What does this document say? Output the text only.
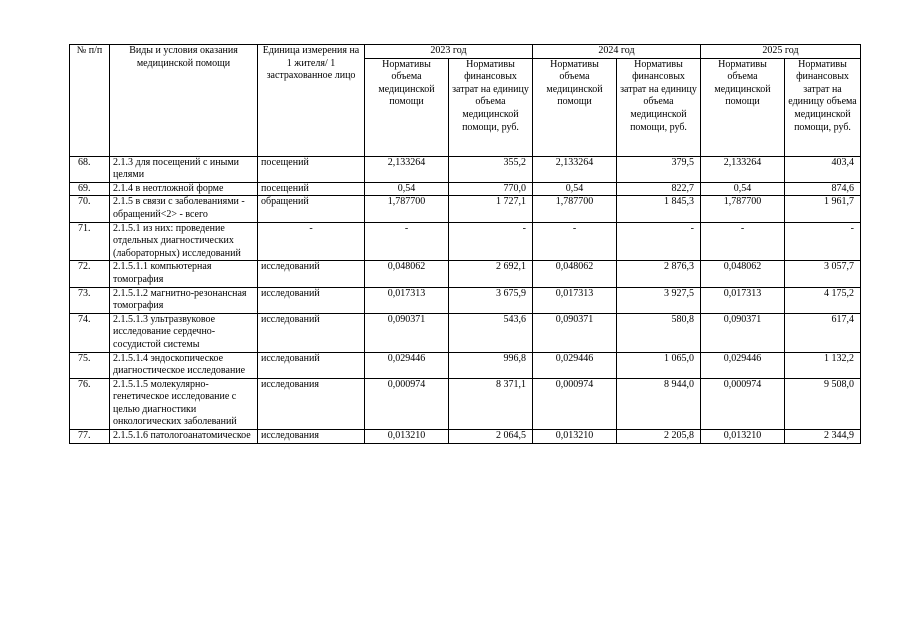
№ п/п	Виды и условия оказания медицинской помощи	Единица измерения на 1 жителя/ 1 застрахованное лицо	2023 год		2024 год		2025 год	
			Нормативы объема медицинской помощи	Нормативы финансовых затрат на единицу объема медицинской помощи, руб.	Нормативы объема медицинской помощи	Нормативы финансовых затрат на единицу объема медицинской помощи, руб.	Нормативы объема медицинской помощи	Нормативы финансовых затрат на единицу объема медицинской помощи, руб.
68.	2.1.3 для посещений с иными целями	посещений	2,133264	355,2	2,133264	379,5	2,133264	403,4
69.	2.1.4 в неотложной форме	посещений	0,54	770,0	0,54	822,7	0,54	874,6
70.	2.1.5 в связи с заболеваниями - обращений<2> - всего	обращений	1,787700	1 727,1	1,787700	1 845,3	1,787700	1 961,7
71.	2.1.5.1 из них: проведение отдельных диагностических (лабораторных) исследований	-	-	-	-	-	-	-
72.	2.1.5.1.1 компьютерная томография	исследований	0,048062	2 692,1	0,048062	2 876,3	0,048062	3 057,7
73.	2.1.5.1.2 магнитно-резонансная томография	исследований	0,017313	3 675,9	0,017313	3 927,5	0,017313	4 175,2
74.	2.1.5.1.3 ультразвуковое исследование сердечно-сосудистой системы	исследований	0,090371	543,6	0,090371	580,8	0,090371	617,4
75.	2.1.5.1.4 эндоскопическое диагностическое исследование	исследований	0,029446	996,8	0,029446	1 065,0	0,029446	1 132,2
76.	2.1.5.1.5 молекулярно-генетическое исследование с целью диагностики онкологических заболеваний	исследования	0,000974	8 371,1	0,000974	8 944,0	0,000974	9 508,0
77.	2.1.5.1.6 патологоанатомическое	исследования	0,013210	2 064,5	0,013210	2 205,8	0,013210	2 344,9
